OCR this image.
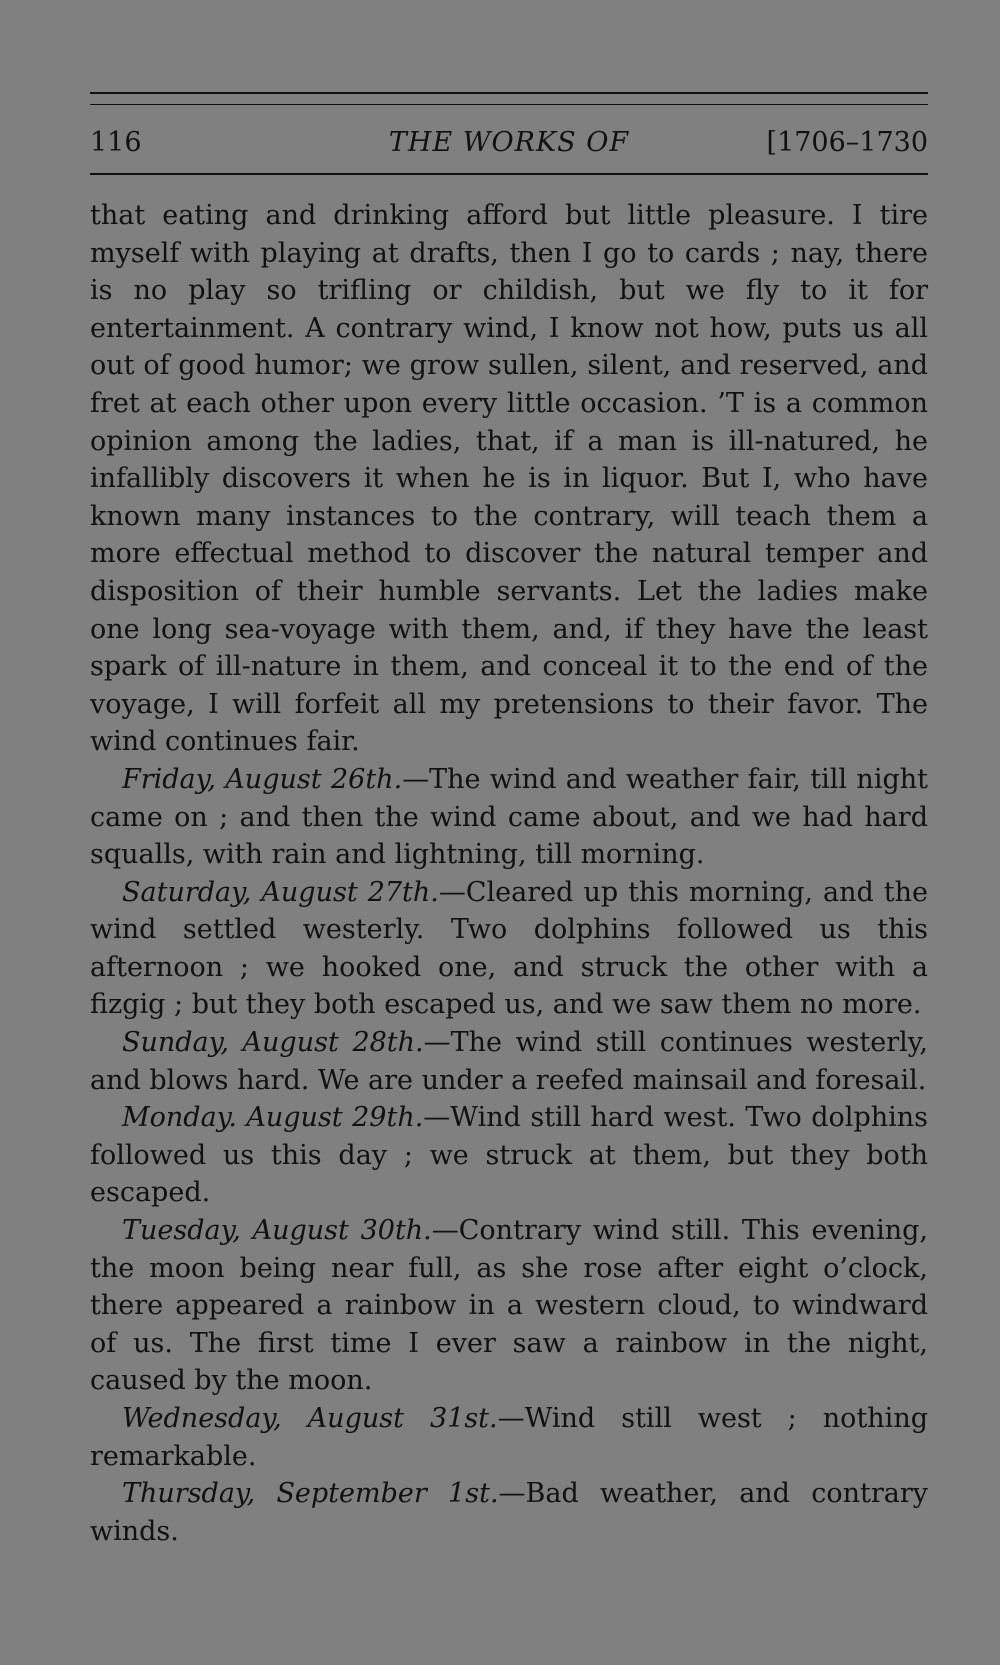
116	THE WORKS OF	[1706–1730

that eating and drinking afford but little pleasure. I tire myself with playing at drafts, then I go to cards ; nay, there is no play so trifling or childish, but we fly to it for entertainment. A contrary wind, I know not how, puts us all out of good humor; we grow sullen, silent, and reserved, and fret at each other upon every little occasion. ’T is a common opinion among the ladies, that, if a man is ill-natured, he infallibly discovers it when he is in liquor. But I, who have known many instances to the contrary, will teach them a more effectual method to discover the natural temper and disposition of their humble servants. Let the ladies make one long sea-voyage with them, and, if they have the least spark of ill-nature in them, and conceal it to the end of the voyage, I will forfeit all my pretensions to their favor. The wind continues fair.

Friday, August 26th.—The wind and weather fair, till night came on ; and then the wind came about, and we had hard squalls, with rain and lightning, till morning.

Saturday, August 27th.—Cleared up this morning, and the wind settled westerly. Two dolphins followed us this afternoon ; we hooked one, and struck the other with a fizgig ; but they both escaped us, and we saw them no more.

Sunday, August 28th.—The wind still continues westerly, and blows hard. We are under a reefed mainsail and foresail.

Monday. August 29th.—Wind still hard west. Two dolphins followed us this day ; we struck at them, but they both escaped.

Tuesday, August 30th.—Contrary wind still. This evening, the moon being near full, as she rose after eight o’clock, there appeared a rainbow in a western cloud, to windward of us. The first time I ever saw a rainbow in the night, caused by the moon.

Wednesday, August 31st.—Wind still west ; nothing remarkable.

Thursday, September 1st.—Bad weather, and contrary winds.
